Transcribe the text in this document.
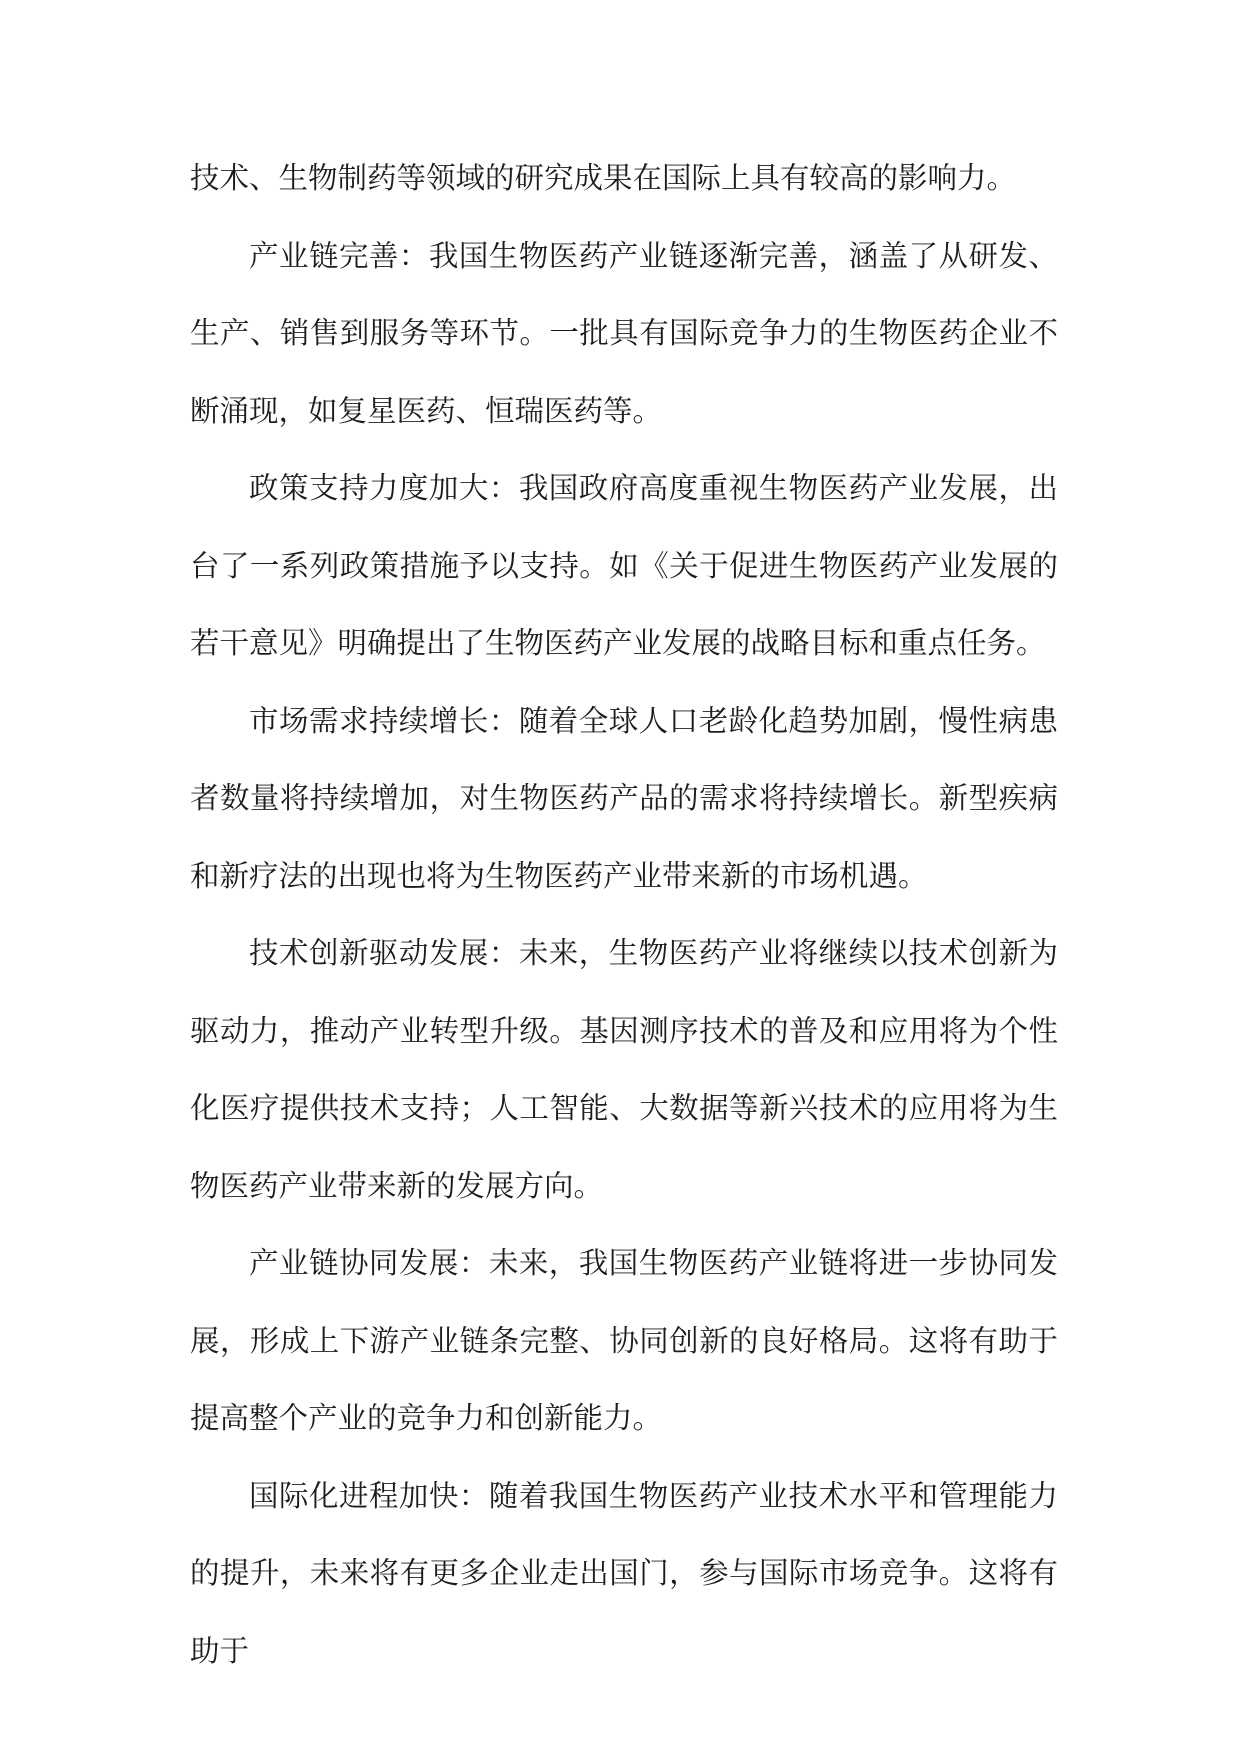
技术、生物制药等领域的研究成果在国际上具有较高的影响力。

产业链完善：我国生物医药产业链逐渐完善，涵盖了从研发、生产、销售到服务等环节。一批具有国际竞争力的生物医药企业不断涌现，如复星医药、恒瑞医药等。

政策支持力度加大：我国政府高度重视生物医药产业发展，出台了一系列政策措施予以支持。如《关于促进生物医药产业发展的若干意见》明确提出了生物医药产业发展的战略目标和重点任务。

市场需求持续增长：随着全球人口老龄化趋势加剧，慢性病患者数量将持续增加，对生物医药产品的需求将持续增长。新型疾病和新疗法的出现也将为生物医药产业带来新的市场机遇。

技术创新驱动发展：未来，生物医药产业将继续以技术创新为驱动力，推动产业转型升级。基因测序技术的普及和应用将为个性化医疗提供技术支持；人工智能、大数据等新兴技术的应用将为生物医药产业带来新的发展方向。

产业链协同发展：未来，我国生物医药产业链将进一步协同发展，形成上下游产业链条完整、协同创新的良好格局。这将有助于提高整个产业的竞争力和创新能力。

国际化进程加快：随着我国生物医药产业技术水平和管理能力的提升，未来将有更多企业走出国门，参与国际市场竞争。这将有助于
